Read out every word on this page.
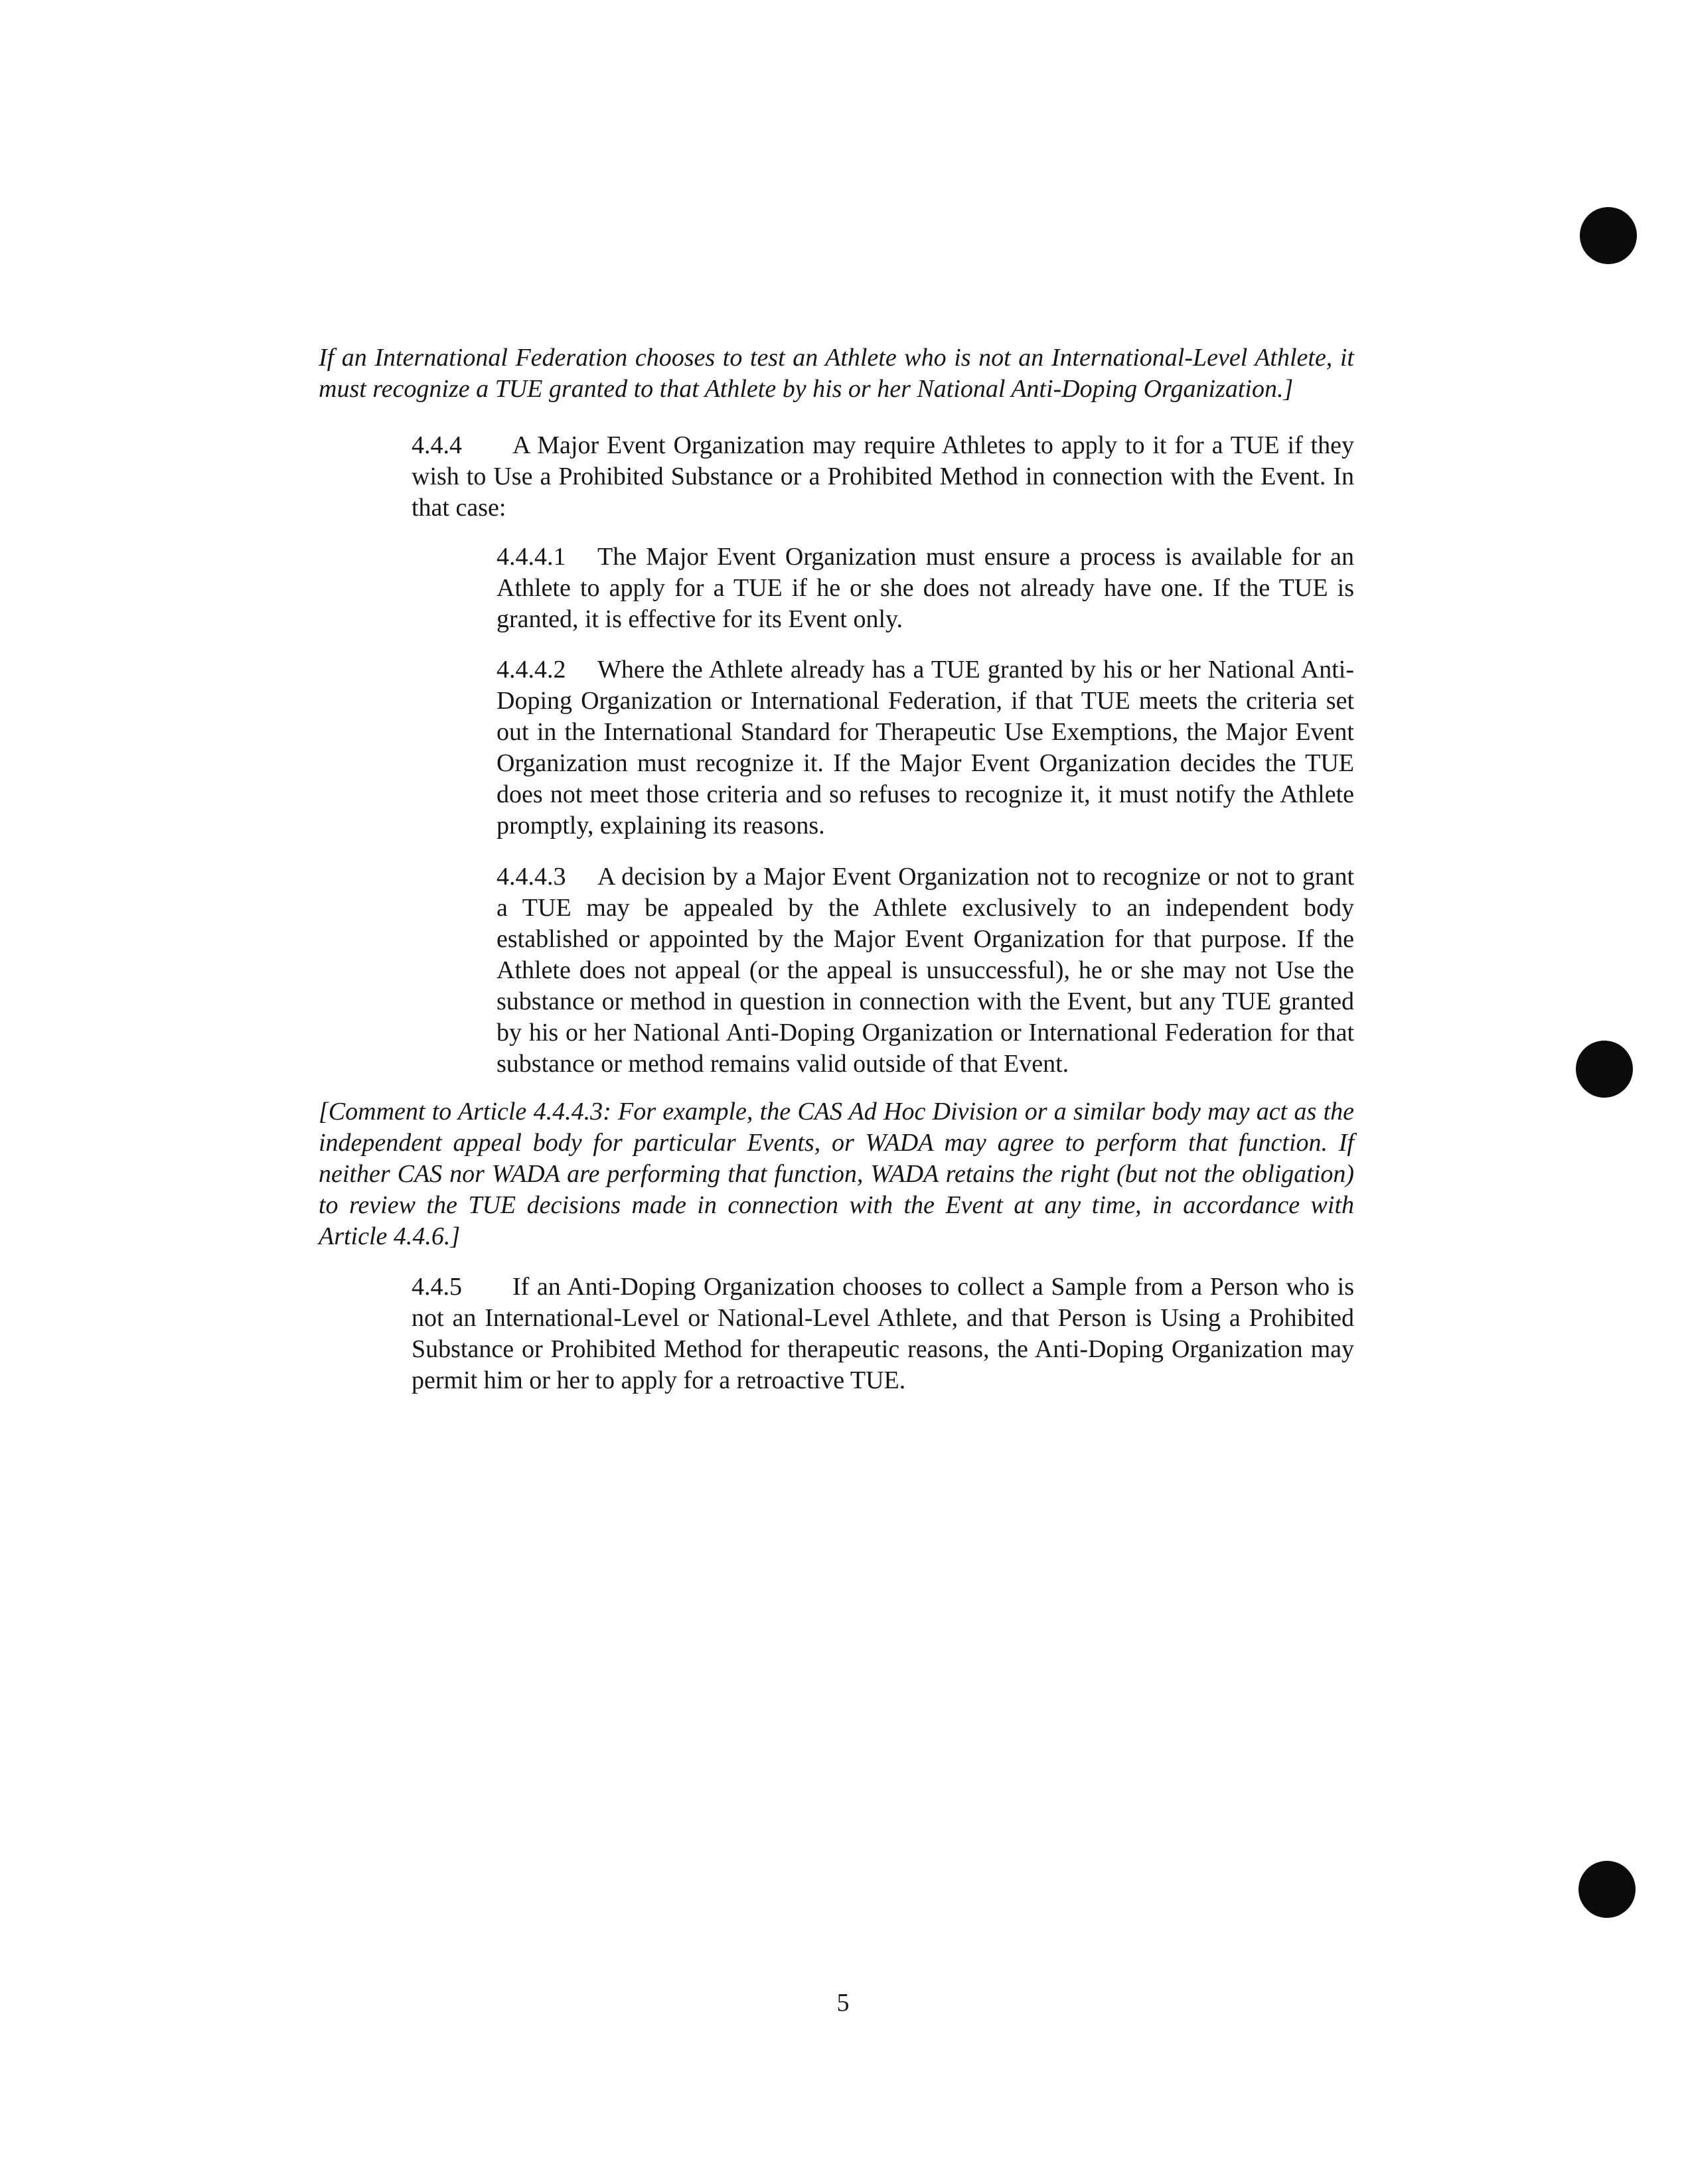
If an International Federation chooses to test an Athlete who is not an International-Level Athlete, it must recognize a TUE granted to that Athlete by his or her National Anti-Doping Organization.]

4.4.4 A Major Event Organization may require Athletes to apply to it for a TUE if they wish to Use a Prohibited Substance or a Prohibited Method in connection with the Event. In that case:

4.4.4.1 The Major Event Organization must ensure a process is available for an Athlete to apply for a TUE if he or she does not already have one. If the TUE is granted, it is effective for its Event only.

4.4.4.2 Where the Athlete already has a TUE granted by his or her National Anti-Doping Organization or International Federation, if that TUE meets the criteria set out in the International Standard for Therapeutic Use Exemptions, the Major Event Organization must recognize it. If the Major Event Organization decides the TUE does not meet those criteria and so refuses to recognize it, it must notify the Athlete promptly, explaining its reasons.

4.4.4.3 A decision by a Major Event Organization not to recognize or not to grant a TUE may be appealed by the Athlete exclusively to an independent body established or appointed by the Major Event Organization for that purpose. If the Athlete does not appeal (or the appeal is unsuccessful), he or she may not Use the substance or method in question in connection with the Event, but any TUE granted by his or her National Anti-Doping Organization or International Federation for that substance or method remains valid outside of that Event.

[Comment to Article 4.4.4.3: For example, the CAS Ad Hoc Division or a similar body may act as the independent appeal body for particular Events, or WADA may agree to perform that function. If neither CAS nor WADA are performing that function, WADA retains the right (but not the obligation) to review the TUE decisions made in connection with the Event at any time, in accordance with Article 4.4.6.]

4.4.5 If an Anti-Doping Organization chooses to collect a Sample from a Person who is not an International-Level or National-Level Athlete, and that Person is Using a Prohibited Substance or Prohibited Method for therapeutic reasons, the Anti-Doping Organization may permit him or her to apply for a retroactive TUE.

5
